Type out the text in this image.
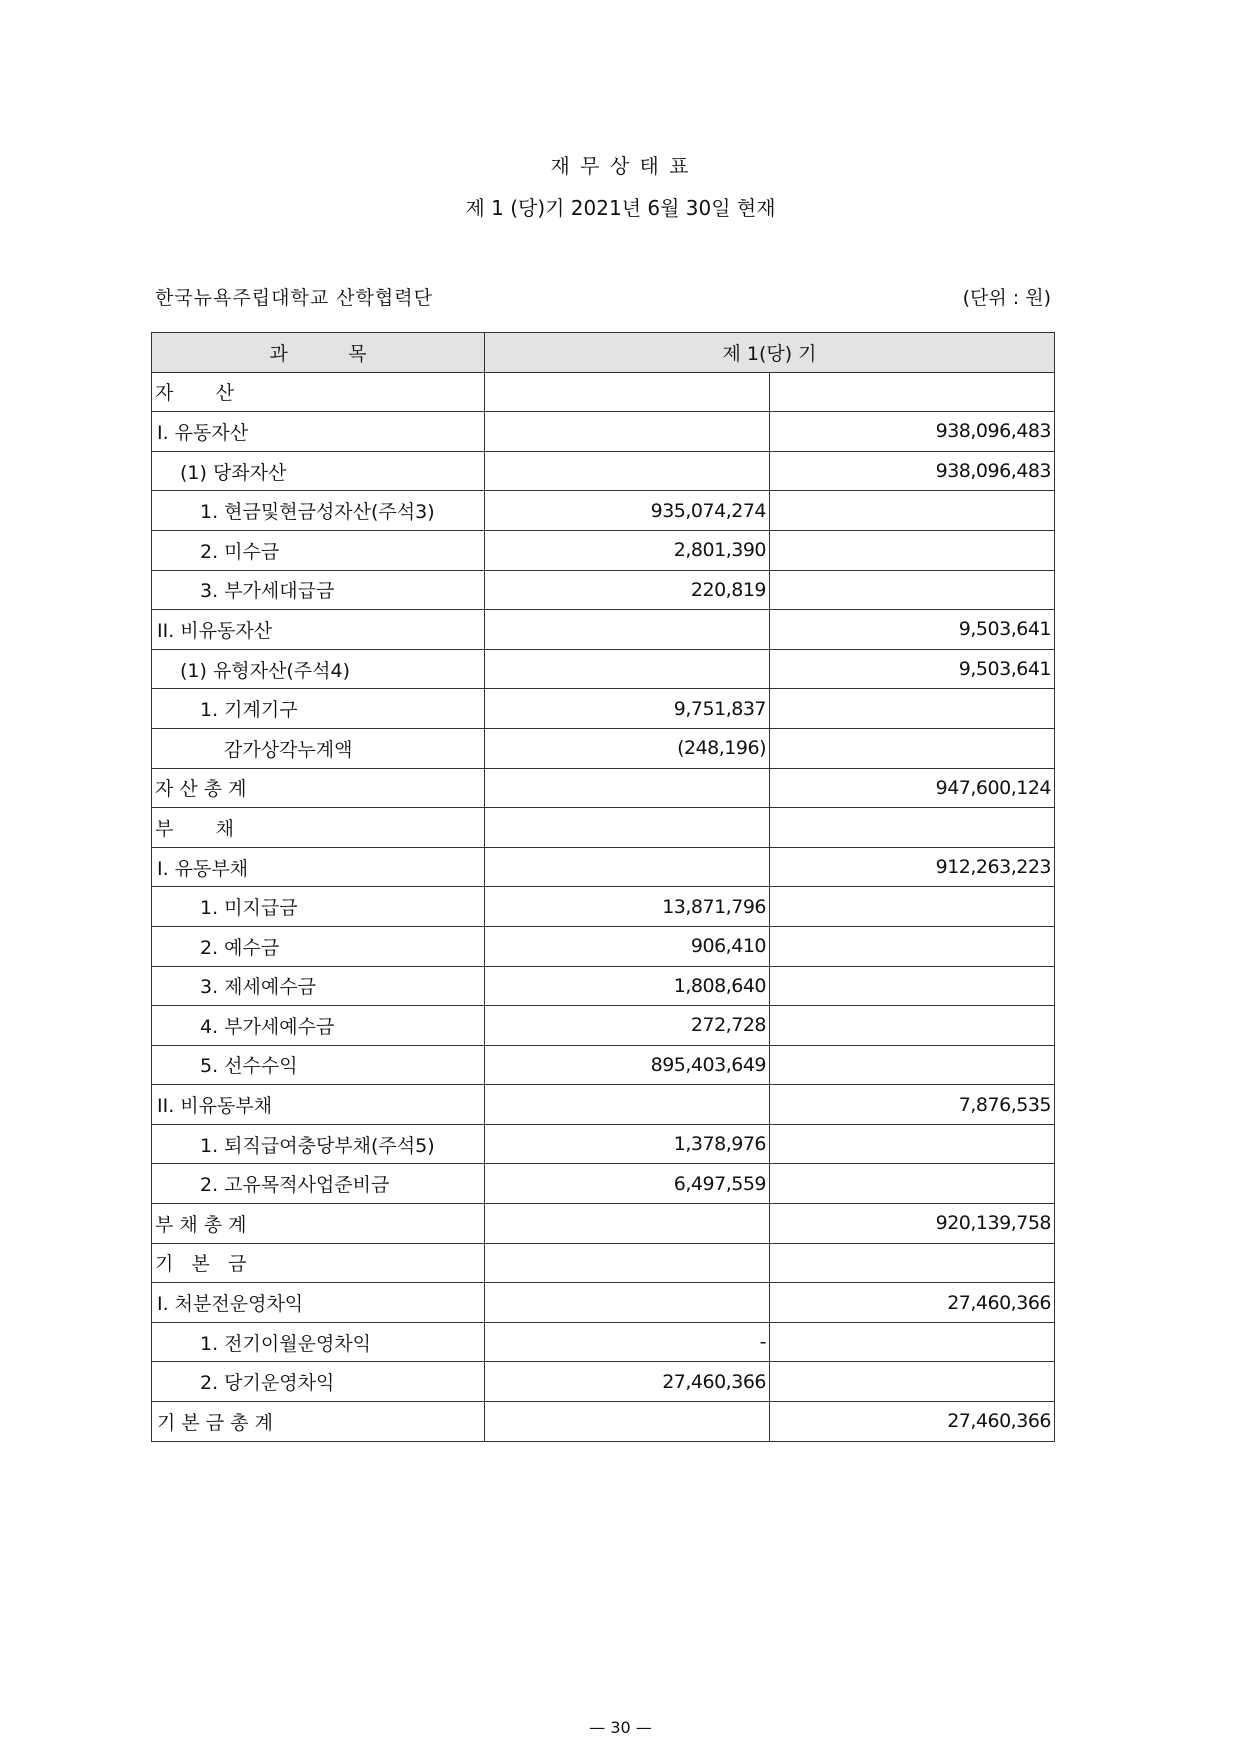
재 무 상 태 표
제 1 (당)기 2021년 6월 30일 현재
한국뉴욕주립대학교 산학협력단	(단위 : 원)
과          목	제 1(당) 기	
자       산		
I. 유동자산		938,096,483
(1) 당좌자산		938,096,483
1. 현금및현금성자산(주석3)	935,074,274	
2. 미수금	2,801,390	
3. 부가세대급금	220,819	
II. 비유동자산		9,503,641
(1) 유형자산(주석4)		9,503,641
1. 기계기구	9,751,837	
감가상각누계액	(248,196)	
자 산 총 계		947,600,124
부       채		
I. 유동부채		912,263,223
1. 미지급금	13,871,796	
2. 예수금	906,410	
3. 제세예수금	1,808,640	
4. 부가세예수금	272,728	
5. 선수수익	895,403,649	
II. 비유동부채		7,876,535
1. 퇴직급여충당부채(주석5)	1,378,976	
2. 고유목적사업준비금	6,497,559	
부 채 총 계		920,139,758
기   본   금		
I. 처분전운영차익		27,460,366
1. 전기이월운영차익	-	
2. 당기운영차익	27,460,366	
기 본 금 총 계		27,460,366
— 30 —
